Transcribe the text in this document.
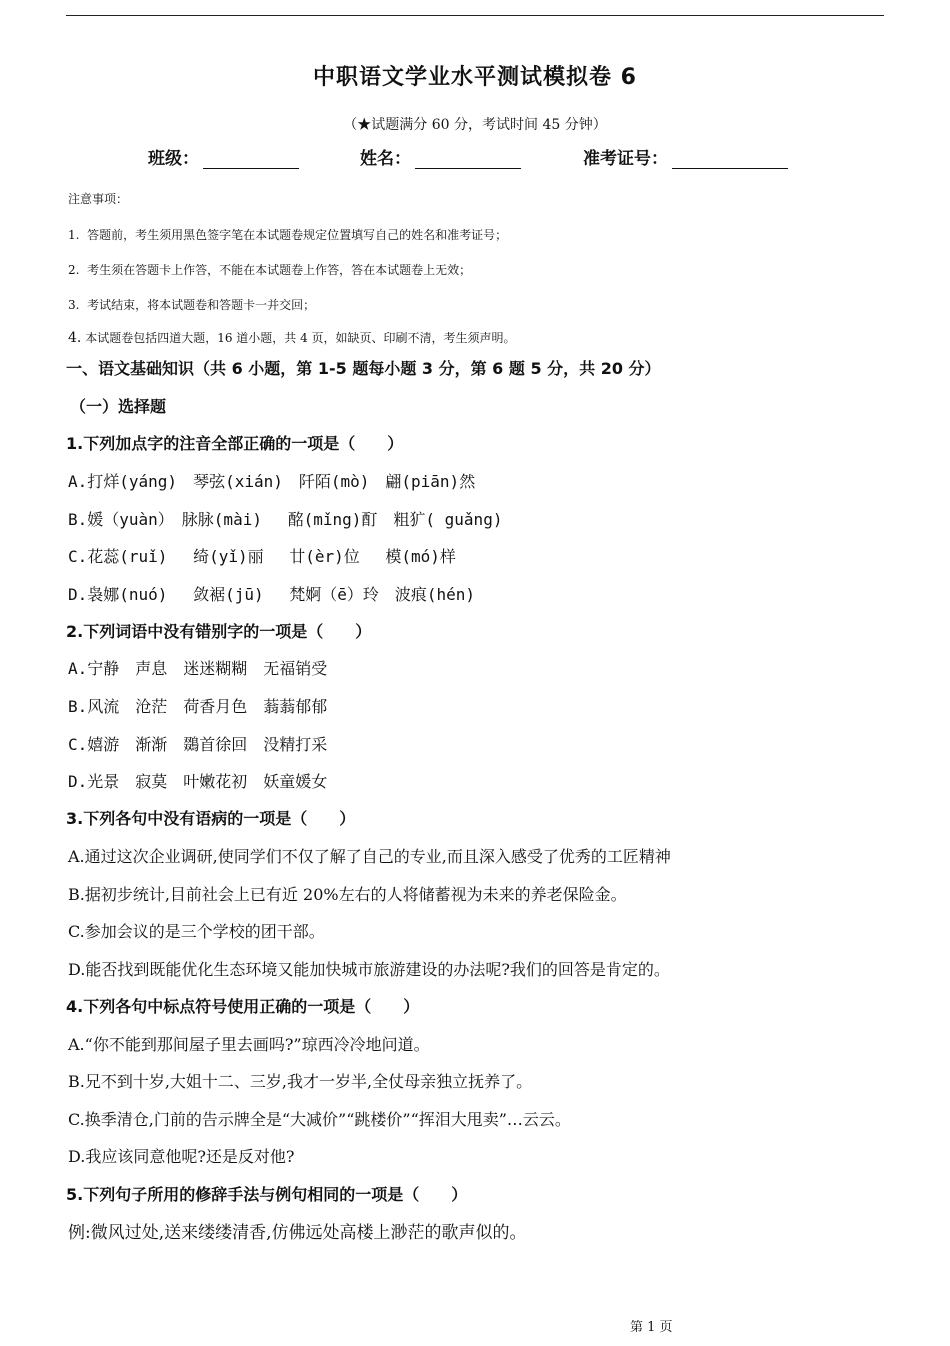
中职语文学业水平测试模拟卷 6
（★试题满分 60 分，考试时间 45 分钟）
班级：	姓名：	准考证号：
注意事项：
1. 答题前，考生须用黑色签字笔在本试题卷规定位置填写自己的姓名和准考证号；
2. 考生须在答题卡上作答，不能在本试题卷上作答，答在本试题卷上无效；
3. 考试结束，将本试题卷和答题卡一并交回；
4. 本试题卷包括四道大题，16 道小题，共 4 页，如缺页、印刷不清，考生须声明。
一、语文基础知识（共 6 小题，第 1-5 题每小题 3 分，第 6 题 5 分，共 20 分）
（一）选择题
1.下列加点字的注音全部正确的一项是（　　）
A.打烊(yáng)　琴弦(xián)　阡陌(mò)　翩(piān)然
B.媛（yuàn）　脉脉(mài)　 酩(mǐng)酊　粗犷( guǎng)
C.花蕊(ruǐ)　 绮(yǐ)丽　 廿(èr)位　 模(mó)样
D.袅娜(nuó)　 敛裾(jū)　 梵婀（ē）玲　波痕(hén)
2.下列词语中没有错别字的一项是（　　）
A.宁静　声息　迷迷糊糊　无福销受
B.风流　沧茫　荷香月色　蓊蓊郁郁
C.嬉游　渐渐　鵽首徐回　没精打采
D.光景　寂莫　叶嫩花初　妖童媛女
3.下列各句中没有语病的一项是（　　）
A.通过这次企业调研,使同学们不仅了解了自己的专业,而且深入感受了优秀的工匠精神
B.据初步统计,目前社会上已有近 20%左右的人将储蓄视为未来的养老保险金。
C.参加会议的是三个学校的团干部。
D.能否找到既能优化生态环境又能加快城市旅游建设的办法呢?我们的回答是肯定的。
4.下列各句中标点符号使用正确的一项是（　　）
A.“你不能到那间屋子里去画吗?”琼西冷冷地问道。
B.兄不到十岁,大姐十二、三岁,我才一岁半,全仗母亲独立抚养了。
C.换季清仓,门前的告示牌全是“大减价”“跳楼价”“挥泪大甩卖”…云云。
D.我应该同意他呢?还是反对他?
5.下列句子所用的修辞手法与例句相同的一项是（　　）
例:微风过处,送来缕缕清香,仿佛远处高楼上渺茫的歌声似的。
第 1 页
